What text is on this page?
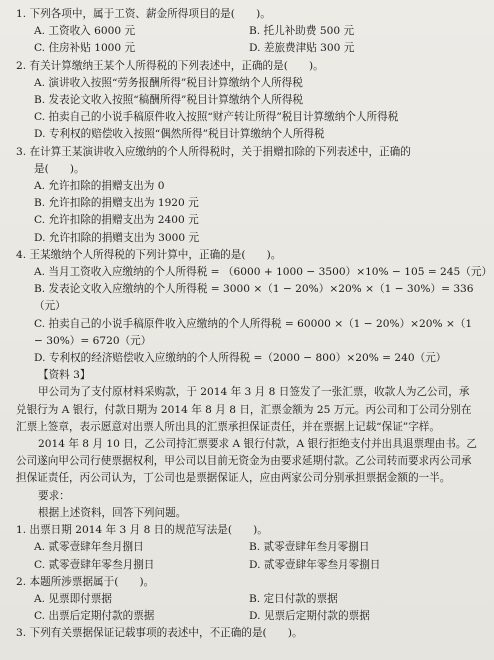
1. 下列各项中，属于工资、薪金所得项目的是(　　)。
A. 工资收入 6000 元	B. 托儿补助费 500 元
C. 住房补贴 1000 元	D. 差旅费津贴 300 元
2. 有关计算缴纳王某个人所得税的下列表述中，正确的是(　　)。
A. 演讲收入按照“劳务报酬所得”税目计算缴纳个人所得税
B. 发表论文收入按照“稿酬所得”税目计算缴纳个人所得税
C. 拍卖自己的小说手稿原件收入按照“财产转让所得”税目计算缴纳个人所得税
D. 专利权的赔偿收入按照“偶然所得”税目计算缴纳个人所得税
3. 在计算王某演讲收入应缴纳的个人所得税时，关于捐赠扣除的下列表述中，正确的
是(　　)。
A. 允许扣除的捐赠支出为 0
B. 允许扣除的捐赠支出为 1920 元
C. 允许扣除的捐赠支出为 2400 元
D. 允许扣除的捐赠支出为 3000 元
4. 王某缴纳个人所得税的下列计算中，正确的是(　　)。
A. 当月工资收入应缴纳的个人所得税 = （6000 + 1000 − 3500）×10% − 105 = 245（元）
B. 发表论文收入应缴纳的个人所得税 = 3000 ×（1 − 20%）×20% ×（1 − 30%）= 336
（元）
C. 拍卖自己的小说手稿原件收入应缴纳的个人所得税 = 60000 ×（1 − 20%）×20% ×（1
− 30%）= 6720（元）
D. 专利权的经济赔偿收入应缴纳的个人所得税 =（2000 − 800）×20% = 240（元）
【资料 3】
甲公司为了支付原材料采购款，于 2014 年 3 月 8 日签发了一张汇票，收款人为乙公司，承兑银行为 A 银行，付款日期为 2014 年 8 月 8 日，汇票金额为 25 万元。丙公司和丁公司分别在汇票上签章，表示愿意对出票人所出具的汇票承担保证责任，并在票据上记载“保证”字样。
2014 年 8 月 10 日，乙公司持汇票要求 A 银行付款，A 银行拒绝支付并出具退票理由书。乙公司遂向甲公司行使票据权利，甲公司以目前无资金为由要求延期付款。乙公司转而要求丙公司承担保证责任，丙公司认为，丁公司也是票据保证人，应由两家公司分别承担票据金额的一半。
要求：
根据上述资料，回答下列问题。
1. 出票日期 2014 年 3 月 8 日的规范写法是(　　)。
A. 贰零壹肆年叁月捌日	B. 贰零壹肆年叁月零捌日
C. 贰零壹肆年零叁月捌日	D. 贰零壹肆年零叁月零捌日
2. 本题所涉票据属于(　　)。
A. 见票即付票据	B. 定日付款的票据
C. 出票后定期付款的票据	D. 见票后定期付款的票据
3. 下列有关票据保证记载事项的表述中，不正确的是(　　)。
